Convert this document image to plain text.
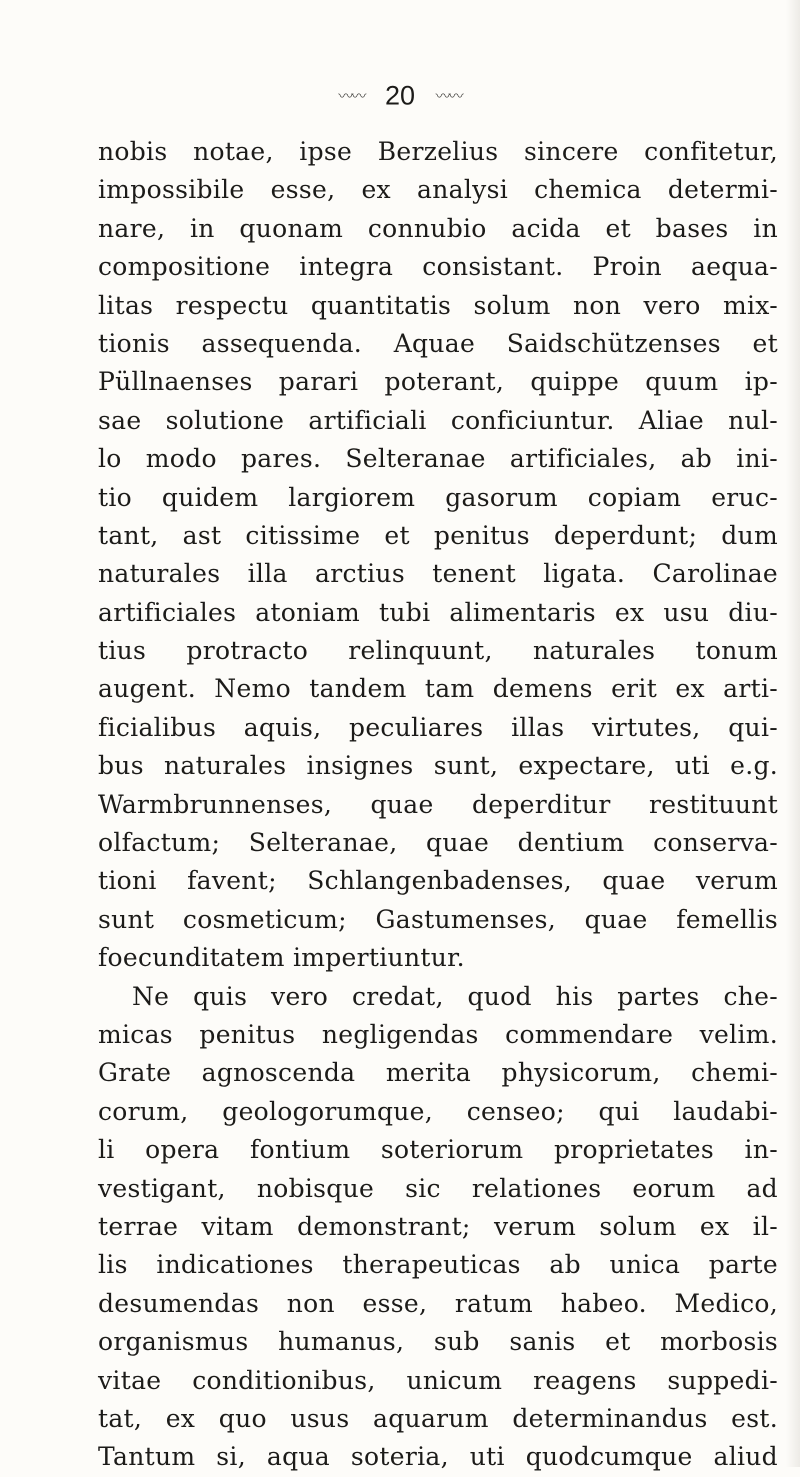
〰〰 20 〰〰
nobis notae, ipse Berzelius sincere confitetur,
impossibile esse, ex analysi chemica determi-
nare, in quonam connubio acida et bases in
compositione integra consistant. Proin aequa-
litas respectu quantitatis solum non vero mix-
tionis assequenda. Aquae Saidschützenses et
Püllnaenses parari poterant, quippe quum ip-
sae solutione artificiali conficiuntur. Aliae nul-
lo modo pares. Selteranae artificiales, ab ini-
tio quidem largiorem gasorum copiam eruc-
tant, ast citissime et penitus deperdunt; dum
naturales illa arctius tenent ligata. Carolinae
artificiales atoniam tubi alimentaris ex usu diu-
tius protracto relinquunt, naturales tonum
augent. Nemo tandem tam demens erit ex arti-
ficialibus aquis, peculiares illas virtutes, qui-
bus naturales insignes sunt, expectare, uti e.g.
Warmbrunnenses, quae deperditur restituunt
olfactum; Selteranae, quae dentium conserva-
tioni favent; Schlangenbadenses, quae verum
sunt cosmeticum; Gastumenses, quae femellis
foecunditatem impertiuntur.
Ne quis vero credat, quod his partes che-
micas penitus negligendas commendare velim.
Grate agnoscenda merita physicorum, chemi-
corum, geologorumque, censeo; qui laudabi-
li opera fontium soteriorum proprietates in-
vestigant, nobisque sic relationes eorum ad
terrae vitam demonstrant; verum solum ex il-
lis indicationes therapeuticas ab unica parte
desumendas non esse, ratum habeo. Medico,
organismus humanus, sub sanis et morbosis
vitae conditionibus, unicum reagens suppedi-
tat, ex quo usus aquarum determinandus est.
Tantum si, aqua soteria, uti quodcumque aliud
